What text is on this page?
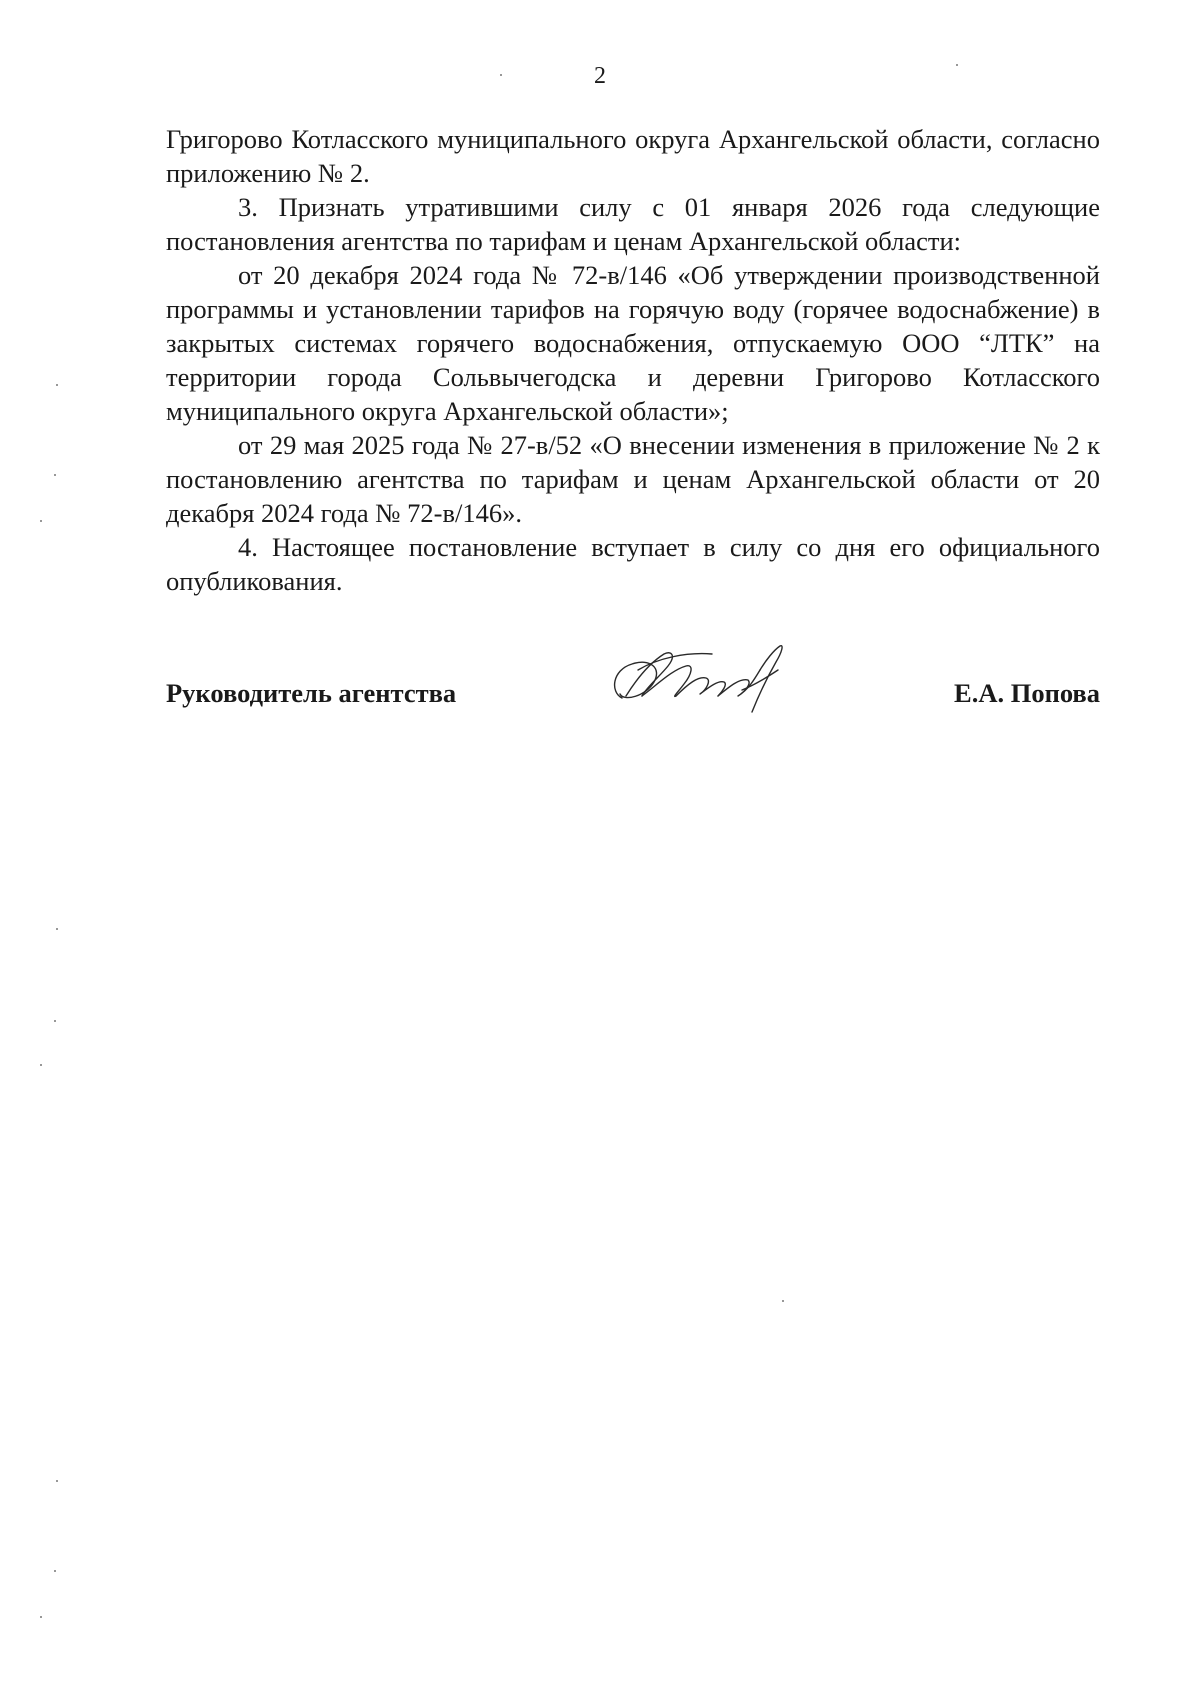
2

Григорово Котласского муниципального округа Архангельской области, согласно приложению № 2.

3. Признать утратившими силу с 01 января 2026 года следующие постановления агентства по тарифам и ценам Архангельской области:

от 20 декабря 2024 года № 72-в/146 «Об утверждении производственной программы и установлении тарифов на горячую воду (горячее водоснабжение) в закрытых системах горячего водоснабжения, отпускаемую ООО “ЛТК” на территории города Сольвычегодска и деревни Григорово Котласского муниципального округа Архангельской области»;

от 29 мая 2025 года № 27-в/52 «О внесении изменения в приложение № 2 к постановлению агентства по тарифам и ценам Архангельской области от 20 декабря 2024 года № 72-в/146».

4. Настоящее постановление вступает в силу со дня его официального опубликования.

Руководитель агентства	Е.А. Попова
